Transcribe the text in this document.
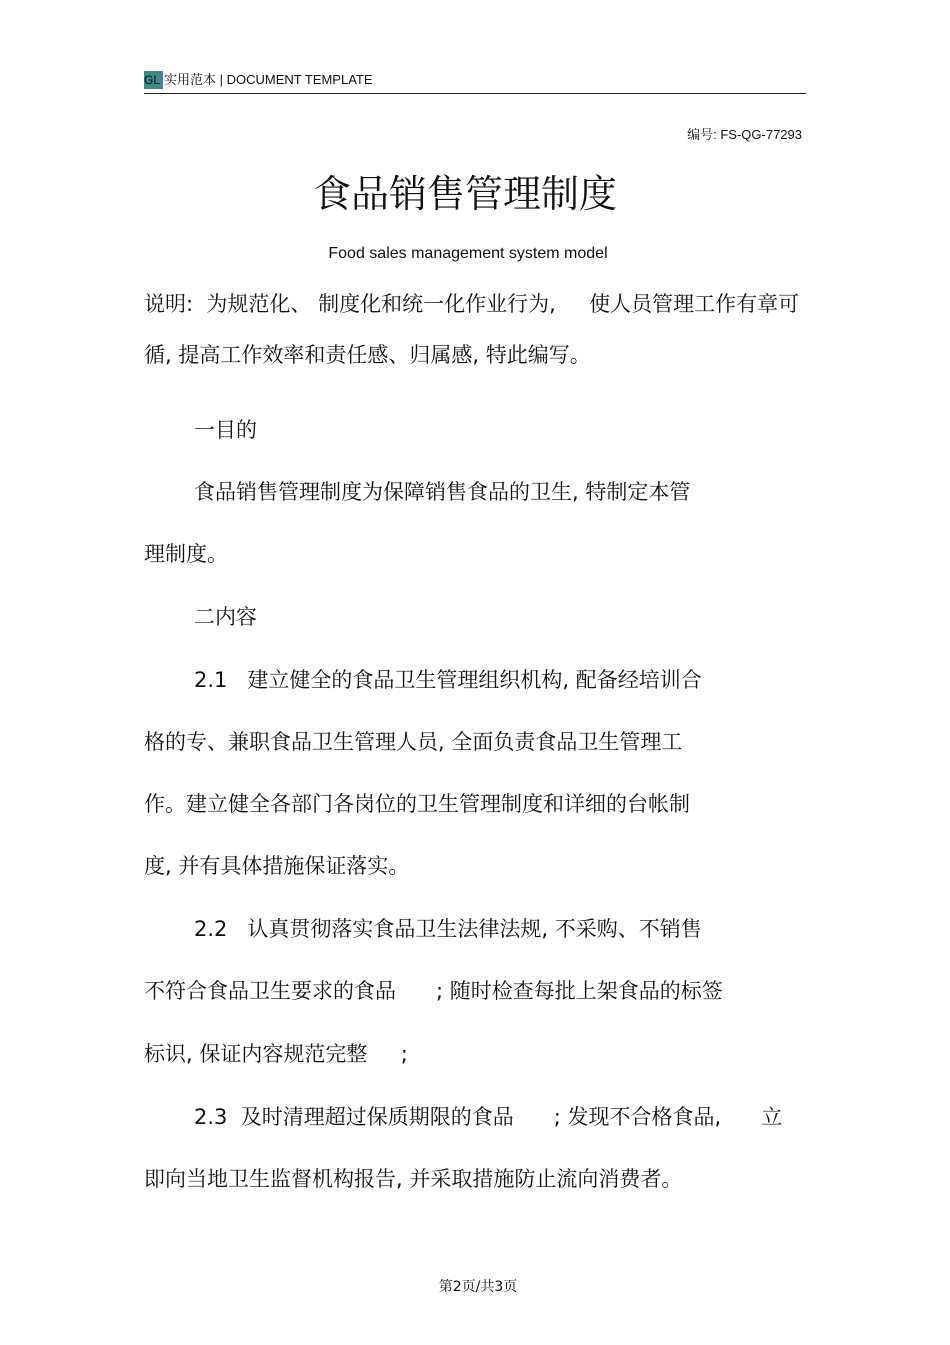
GL 实用范本 | DOCUMENT TEMPLATE
编号: FS-QG-77293
食品销售管理制度
Food sales management system model
说明:  为规范化、 制度化和统一化作业行为,     使人员管理工作有章可
循, 提高工作效率和责任感、归属感, 特此编写。
一目的
食品销售管理制度为保障销售食品的卫生, 特制定本管
理制度。
二内容
2.1   建立健全的食品卫生管理组织机构, 配备经培训合
格的专、兼职食品卫生管理人员, 全面负责食品卫生管理工
作。建立健全各部门各岗位的卫生管理制度和详细的台帐制
度, 并有具体措施保证落实。
2.2   认真贯彻落实食品卫生法律法规, 不采购、不销售
不符合食品卫生要求的食品      ; 随时检查每批上架食品的标签
标识, 保证内容规范完整     ;
2.3  及时清理超过保质期限的食品      ; 发现不合格食品,      立
即向当地卫生监督机构报告, 并采取措施防止流向消费者。
第2页/共3页
